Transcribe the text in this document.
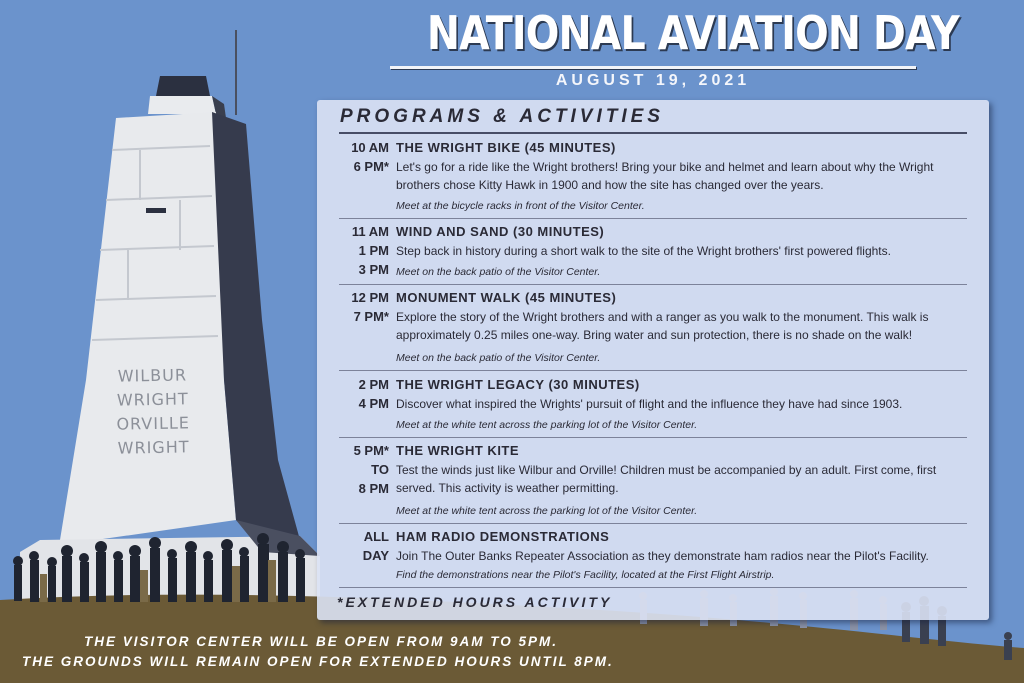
WILBUR
WRIGHT
ORVILLE
WRIGHT
NATIONAL AVIATION DAY
AUGUST 19, 2021
PROGRAMS & ACTIVITIES
10 AM
6 PM*
THE WRIGHT BIKE (45 MINUTES)
Let's go for a ride like the Wright brothers! Bring your bike and helmet and learn about why the Wright brothers chose Kitty Hawk in 1900 and how the site has changed over the years.
Meet at the bicycle racks in front of the Visitor Center.
11 AM
1 PM
3 PM
WIND AND SAND (30 MINUTES)
Step back in history during a short walk to the site of the Wright brothers' first powered flights.
Meet on the back patio of the Visitor Center.
12 PM
7 PM*
MONUMENT WALK (45 MINUTES)
Explore the story of the Wright brothers and with a ranger as you walk to the monument. This walk is approximately 0.25 miles one-way. Bring water and sun protection, there is no shade on the walk!
Meet on the back patio of the Visitor Center.
2 PM
4 PM
THE WRIGHT LEGACY (30 MINUTES)
Discover what inspired the Wrights' pursuit of flight and the influence they have had since 1903.
Meet at the white tent across the parking lot of the Visitor Center.
5 PM*
TO
8 PM
THE WRIGHT KITE
Test the winds just like Wilbur and Orville! Children must be accompanied by an adult. First come, first served. This activity is weather permitting.
Meet at the white tent across the parking lot of the Visitor Center.
ALL
DAY
HAM RADIO DEMONSTRATIONS
Join The Outer Banks Repeater Association as they demonstrate ham radios near the Pilot's Facility.
Find the demonstrations near the Pilot's Facility, located at the First Flight Airstrip.
*EXTENDED HOURS ACTIVITY
THE VISITOR CENTER WILL BE OPEN FROM 9AM TO 5PM.
THE GROUNDS WILL REMAIN OPEN FOR EXTENDED HOURS UNTIL 8PM.
